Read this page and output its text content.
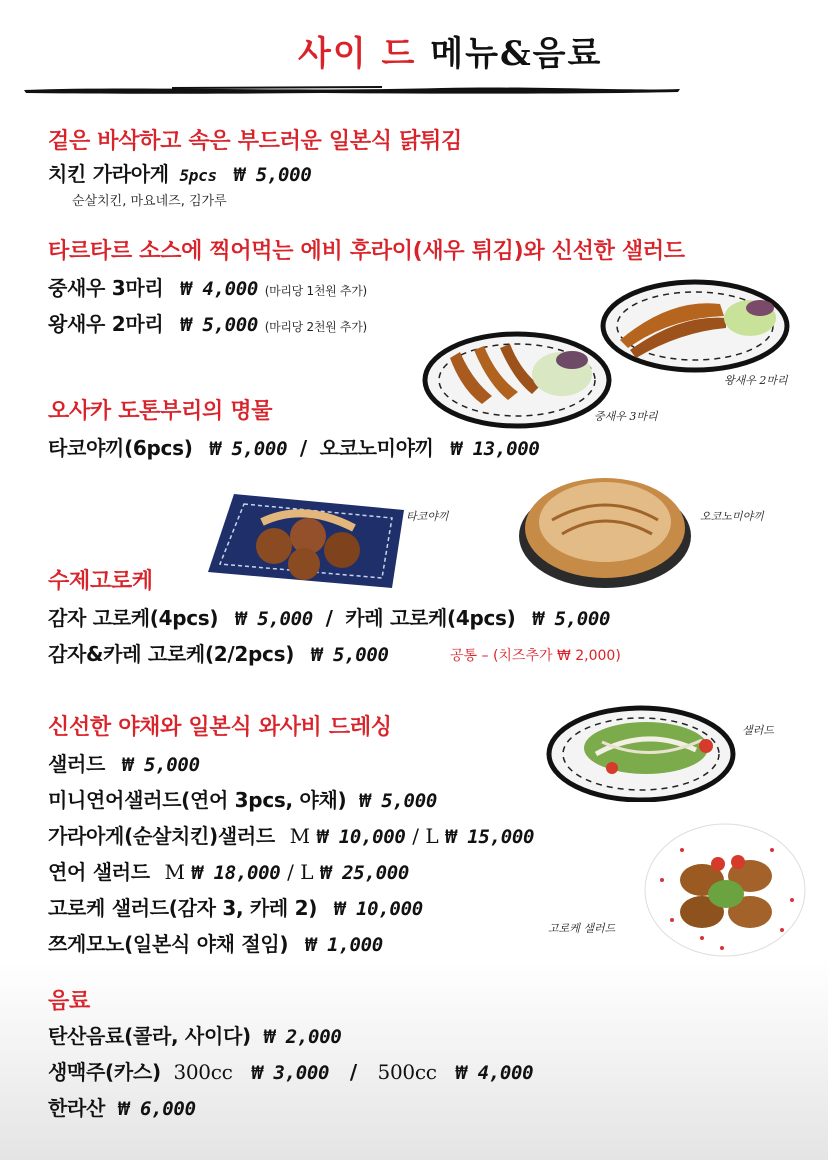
사이 드 메뉴&음료
겉은 바삭하고 속은 부드러운 일본식 닭튀김
치킨 가라아게 5pcs ₩ 5,000
순살치킨, 마요네즈, 김가루
타르타르 소스에 찍어먹는 에비 후라이(새우 튀김)와 신선한 샐러드
중새우 3마리 ₩ 4,000 (마리당 1천원 추가)
왕새우 2마리 ₩ 5,000 (마리당 2천원 추가)
왕새우 2마리
중새우 3마리
오사카 도톤부리의 명물
타코야끼(6pcs) ₩ 5,000 / 오코노미야끼 ₩ 13,000
타코야끼	오코노미야끼
수제고로케
감자 고로케(4pcs) ₩ 5,000 / 카레 고로케(4pcs) ₩ 5,000
감자&카레 고로케(2/2pcs) ₩ 5,000	공통 – (치즈추가 ₩ 2,000)
신선한 야채와 일본식 와사비 드레싱
샐러드 ₩ 5,000
미니연어샐러드(연어 3pcs, 야채) ₩ 5,000
가라아게(순살치킨)샐러드 M ₩ 10,000 / L ₩ 15,000
연어 샐러드 M ₩ 18,000 / L ₩ 25,000
고로케 샐러드(감자 3, 카레 2) ₩ 10,000
쯔게모노(일본식 야채 절임) ₩ 1,000
샐러드
고로케 샐러드
음료
탄산음료(콜라, 사이다) ₩ 2,000
생맥주(카스) 300cc ₩ 3,000 / 500cc ₩ 4,000
한라산 ₩ 6,000
